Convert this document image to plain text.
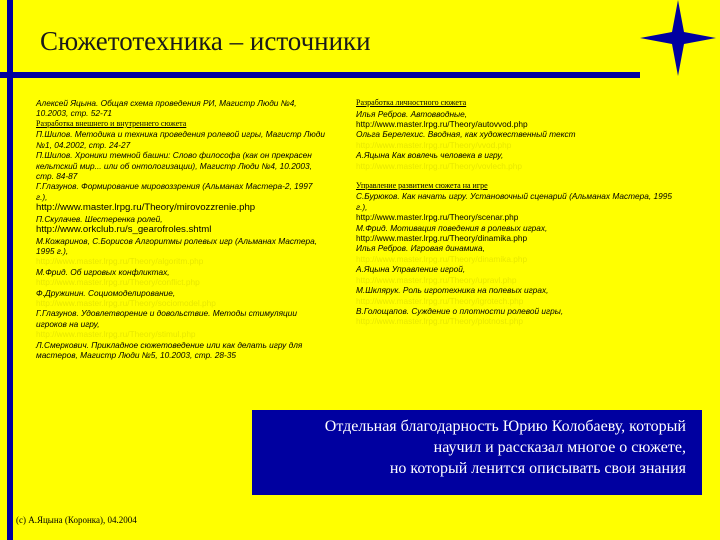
Сюжетотехника – источники

Алексей Яцына. Общая схема проведения РИ, Магистр Люди №4, 10.2003, стр. 52-71

Разработка внешнего и внутреннего сюжета

П.Шилов. Методика и техника проведения ролевой игры, Магистр Люди №1, 04.2002, стр. 24-27

П.Шилов. Хроники темной башни: Слово философа (как он прекрасен кельтский мир... или об онтологизации), Магистр Люди №4, 10.2003, стр. 84-87

Г.Глазунов. Формирование мировоззрения (Альманах Мастера-2, 1997 г.),

http://www.master.lrpg.ru/Theory/mirovozzrenie.php

П.Скулачев. Шестеренка ролей,

http://www.orkclub.ru/s_gearofroles.shtml

М.Кожаринов, С.Борисов Алгоритмы ролевых игр (Альманах Мастера, 1995 г.),

http://www.master.lrpg.ru/Theory/algoritm.php

М.Фрид. Об игровых конфликтах,

http://www.master.lrpg.ru/Theory/conflict.php

Ф.Дружинин. Социомоделирование,

http://www.master.lrpg.ru/Theory/sociomodel.php

Г.Глазунов. Удовлетворение и довольствие. Методы стимуляции игроков на игру,

http://www.master.lrpg.ru/Theory/stimul.php

Л.Смеркович. Прикладное сюжетоведение или как делать игру для мастеров, Магистр Люди №5, 10.2003, стр. 28-35

Разработка личностного сюжета

Илья Ребров. Автовводные,

http://www.master.lrpg.ru/Theory/autovvod.php

Ольга Берелехис. Вводная, как художественный текст

http://www.master.lrpg.ru/Theory/vvod.php

А.Яцына Как вовлечь человека в игру,

http://www.master.lrpg.ru/Theory/vovlech.php

Управление развитием сюжета на игре

С.Бурюков. Как начать игру. Установочный сценарий (Альманах Мастера, 1995 г.),

http://www.master.lrpg.ru/Theory/scenar.php

М.Фрид. Мотивация поведения в ролевых играх,

http://www.master.lrpg.ru/Theory/dinamika.php

Илья Ребров. Игровая динамика,

http://www.master.lrpg.ru/Theory/dinamika.php

А.Яцына Управление игрой,

http://www.master.lrpg.ru/Theory/upravl.php

М.Шклярук. Роль игротехника на полевых играх,

http://www.master.lrpg.ru/Theory/igrotech.php

В.Голощапов. Суждение о плотности ролевой игры,

http://www.master.lrpg.ru/Theory/plotnost.php

Отдельная благодарность Юрию Колобаеву, который
научил и рассказал многое о сюжете,
но который ленится описывать свои знания
(c) А.Яцына (Коронка), 04.2004
